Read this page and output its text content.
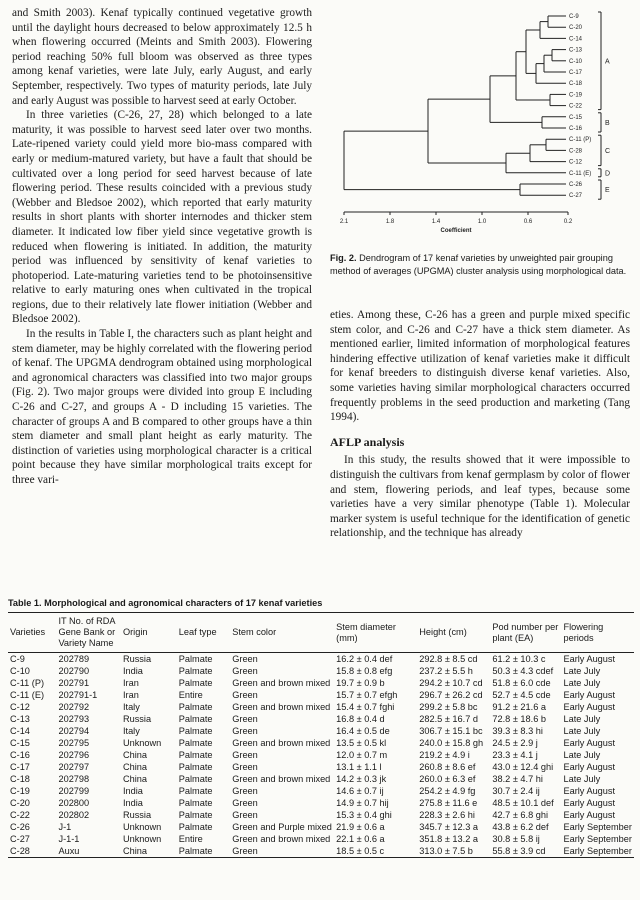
and Smith 2003). Kenaf typically continued vegetative growth until the daylight hours decreased to below approximately 12.5 h when flowering occurred (Meints and Smith 2003). Flowering period reaching 50% full bloom was observed as three types among kenaf varieties, were late July, early August, and early September, respectively. Two types of maturity periods, late July and early August was possible to harvest seed at early October.

In three varieties (C-26, 27, 28) which belonged to a late maturity, it was possible to harvest seed later over two months. Late-ripened variety could yield more bio-mass compared with early or medium-matured variety, but have a fault that should be cultivated over a long period for seed harvest because of late flowering period. These results coincided with a previous study (Webber and Bledsoe 2002), which reported that early maturity results in short plants with shorter internodes and thicker stem diameter. It indicated low fiber yield since vegetative growth is reduced when flowering is initiated. In addition, the maturity period was influenced by sensitivity of kenaf varieties to photoperiod. Late-maturing varieties tend to be photoinsensitive relative to early maturing ones when cultivated in the tropical regions, due to their relatively late flower initiation (Webber and Bledsoe 2002).

In the results in Table I, the characters such as plant height and stem diameter, may be highly correlated with the flowering period of kenaf. The UPGMA dendrogram obtained using morphological and agronomical characters was classified into two major groups (Fig. 2). Two major groups were divided into group E including C-26 and C-27, and groups A - D including 15 varieties. The character of groups A and B compared to other groups have a thin stem diameter and small plant height as early maturity. The distinction of varieties using morphological character is a critical point because they have similar morphological traits except for three vari-

C-9
C-20
C-14
C-13
C-10
C-17
C-18
C-19
C-22
C-15
C-16
C-11 (P)
C-28
C-12
C-11 (E)
C-26
C-27
A
B
C
D
E
2.1	1.8	1.4	1.0	0.6	0.2
Coefficient
Fig. 2. Dendrogram of 17 kenaf varieties by unweighted pair grouping method of averages (UPGMA) cluster analysis using morphological data.

eties. Among these, C-26 has a green and purple mixed specific stem color, and C-26 and C-27 have a thick stem diameter. As mentioned earlier, limited information of morphological features hindering effective utilization of kenaf varieties make it difficult for kenaf breeders to distinguish diverse kenaf varieties. Also, some varieties having similar morphological characters occurred frequently problems in the seed production and marketing (Tang 1994).

AFLP analysis

In this study, the results showed that it were impossible to distinguish the cultivars from kenaf germplasm by color of flower and stem, flowering periods, and leaf types, because some varieties have a very similar phenotype (Table 1). Molecular marker system is useful technique for the identification of genetic relationship, and the technique has already

Table 1. Morphological and agronomical characters of 17 kenaf varieties
Varieties	IT No. of RDA Gene Bank or Variety Name	Origin	Leaf type	Stem color	Stem diameter (mm)	Height (cm)	Pod number per plant (EA)	Flowering periods
C-9	202789	Russia	Palmate	Green	16.2 ± 0.4 def	292.8 ± 8.5 cd	61.2 ± 10.3 c	Early August
C-10	202790	India	Palmate	Green	15.8 ± 0.8 efg	237.2 ± 5.5 h	50.3 ± 4.3 cdef	Late July
C-11 (P)	202791	Iran	Palmate	Green and brown mixed	19.7 ± 0.9 b	294.2 ± 10.7 cd	51.8 ± 6.0 cde	Late July
C-11 (E)	202791-1	Iran	Entire	Green	15.7 ± 0.7 efgh	296.7 ± 26.2 cd	52.7 ± 4.5 cde	Early August
C-12	202792	Italy	Palmate	Green and brown mixed	15.4 ± 0.7 fghi	299.2 ± 5.8 bc	91.2 ± 21.6 a	Early August
C-13	202793	Russia	Palmate	Green	16.8 ± 0.4 d	282.5 ± 16.7 d	72.8 ± 18.6 b	Late July
C-14	202794	Italy	Palmate	Green	16.4 ± 0.5 de	306.7 ± 15.1 bc	39.3 ± 8.3 hi	Late July
C-15	202795	Unknown	Palmate	Green and brown mixed	13.5 ± 0.5 kl	240.0 ± 15.8 gh	24.5 ± 2.9 j	Early August
C-16	202796	China	Palmate	Green	12.0 ± 0.7 m	219.2 ± 4.9 i	23.3 ± 4.1 j	Late July
C-17	202797	China	Palmate	Green	13.1 ± 1.1 l	260.8 ± 8.6 ef	43.0 ± 12.4 ghi	Early August
C-18	202798	China	Palmate	Green and brown mixed	14.2 ± 0.3 jk	260.0 ± 6.3 ef	38.2 ± 4.7 hi	Late July
C-19	202799	India	Palmate	Green	14.6 ± 0.7 ij	254.2 ± 4.9 fg	30.7 ± 2.4 ij	Early August
C-20	202800	India	Palmate	Green	14.9 ± 0.7 hij	275.8 ± 11.6 e	48.5 ± 10.1 def	Early August
C-22	202802	Russia	Palmate	Green	15.3 ± 0.4 ghi	228.3 ± 2.6 hi	42.7 ± 6.8 ghi	Early August
C-26	J-1	Unknown	Palmate	Green and Purple mixed	21.9 ± 0.6 a	345.7 ± 12.3 a	43.8 ± 6.2 def	Early September
C-27	J-1-1	Unknown	Entire	Green and brown mixed	22.1 ± 0.6 a	351.8 ± 13.2 a	30.8 ± 5.8 ij	Early September
C-28	Auxu	China	Palmate	Green	18.5 ± 0.5 c	313.0 ± 7.5 b	55.8 ± 3.9 cd	Early September
